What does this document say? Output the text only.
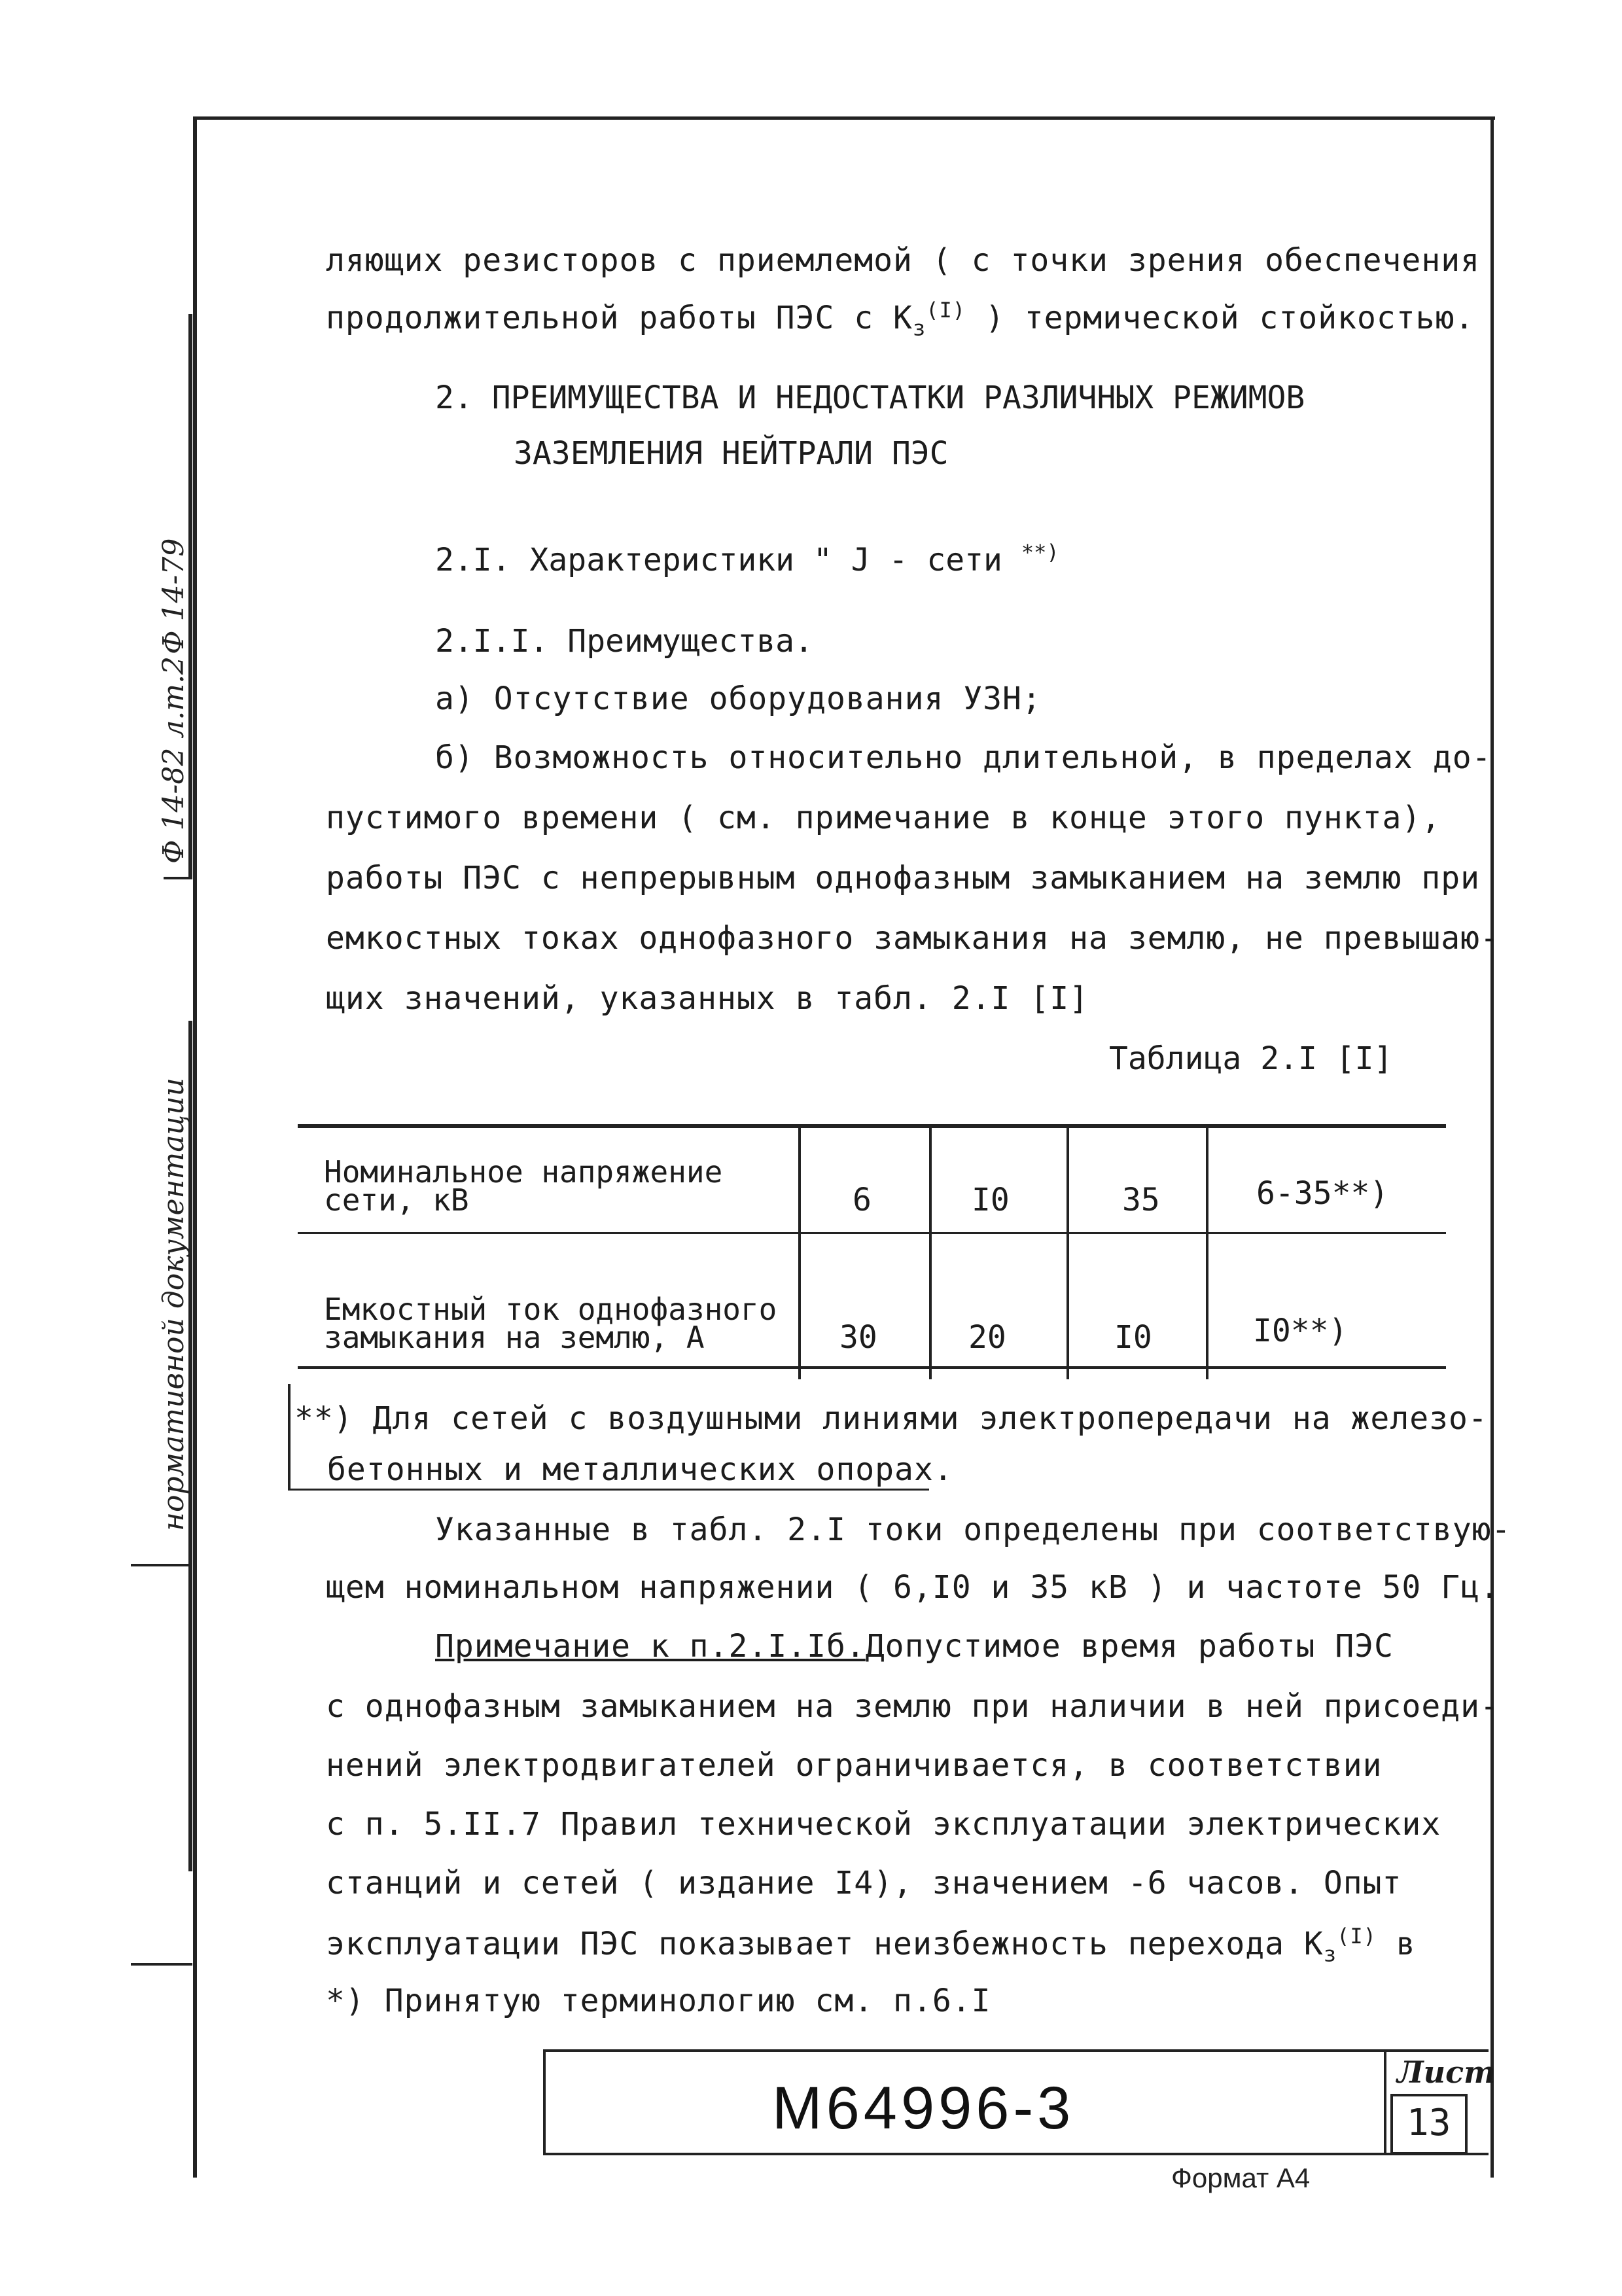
Ф 14-82 л.m.2
Ф 14-79
нормативной документации
ляющих резисторов с приемлемой ( с точки зрения обеспечения
продолжительной работы ПЭС с $К_з^{(I)}$ ) термической стойкостью.
2. ПРЕИМУЩЕСТВА И НЕДОСТАТКИ РАЗЛИЧНЫХ РЕЖИМОВ
ЗАЗЕМЛЕНИЯ НЕЙТРАЛИ ПЭС
2.I. Характеристики " J - сети **)
2.I.I. Преимущества.
а) Отсутствие оборудования УЗН;
б) Возможность относительно длительной, в пределах до-
пустимого времени ( см. примечание в конце этого пункта),
работы ПЭС с непрерывным однофазным замыканием на землю при
емкостных токах однофазного замыкания на землю, не превышаю-
щих значений, указанных в табл. 2.I [I]
Таблица 2.I [I]
Номинальное напряжение
сети, кВ	6	I0	35	6-35**)
Емкостный ток однофазного
замыкания на землю, А	30	20	I0	I0**)
**) Для сетей с воздушными линиями электропередачи на железо-
бетонных и металлических опорах.
Указанные в табл. 2.I токи определены при соответствую-
щем номинальном напряжении ( 6,I0 и 35 кВ ) и частоте 50 Гц.
Примечание к п.2.I.Iб.Допустимое время работы ПЭС
с однофазным замыканием на землю при наличии в ней присоеди-
нений электродвигателей ограничивается, в соответствии
с п. 5.II.7 Правил технической эксплуатации электрических
станций и сетей ( издание I4), значением -6 часов. Опыт
эксплуатации ПЭС показывает неизбежность перехода $К_з^{(I)}$ в
*) Принятую терминологию см. п.6.I
М64996-3
Лист
13
Формат А4
